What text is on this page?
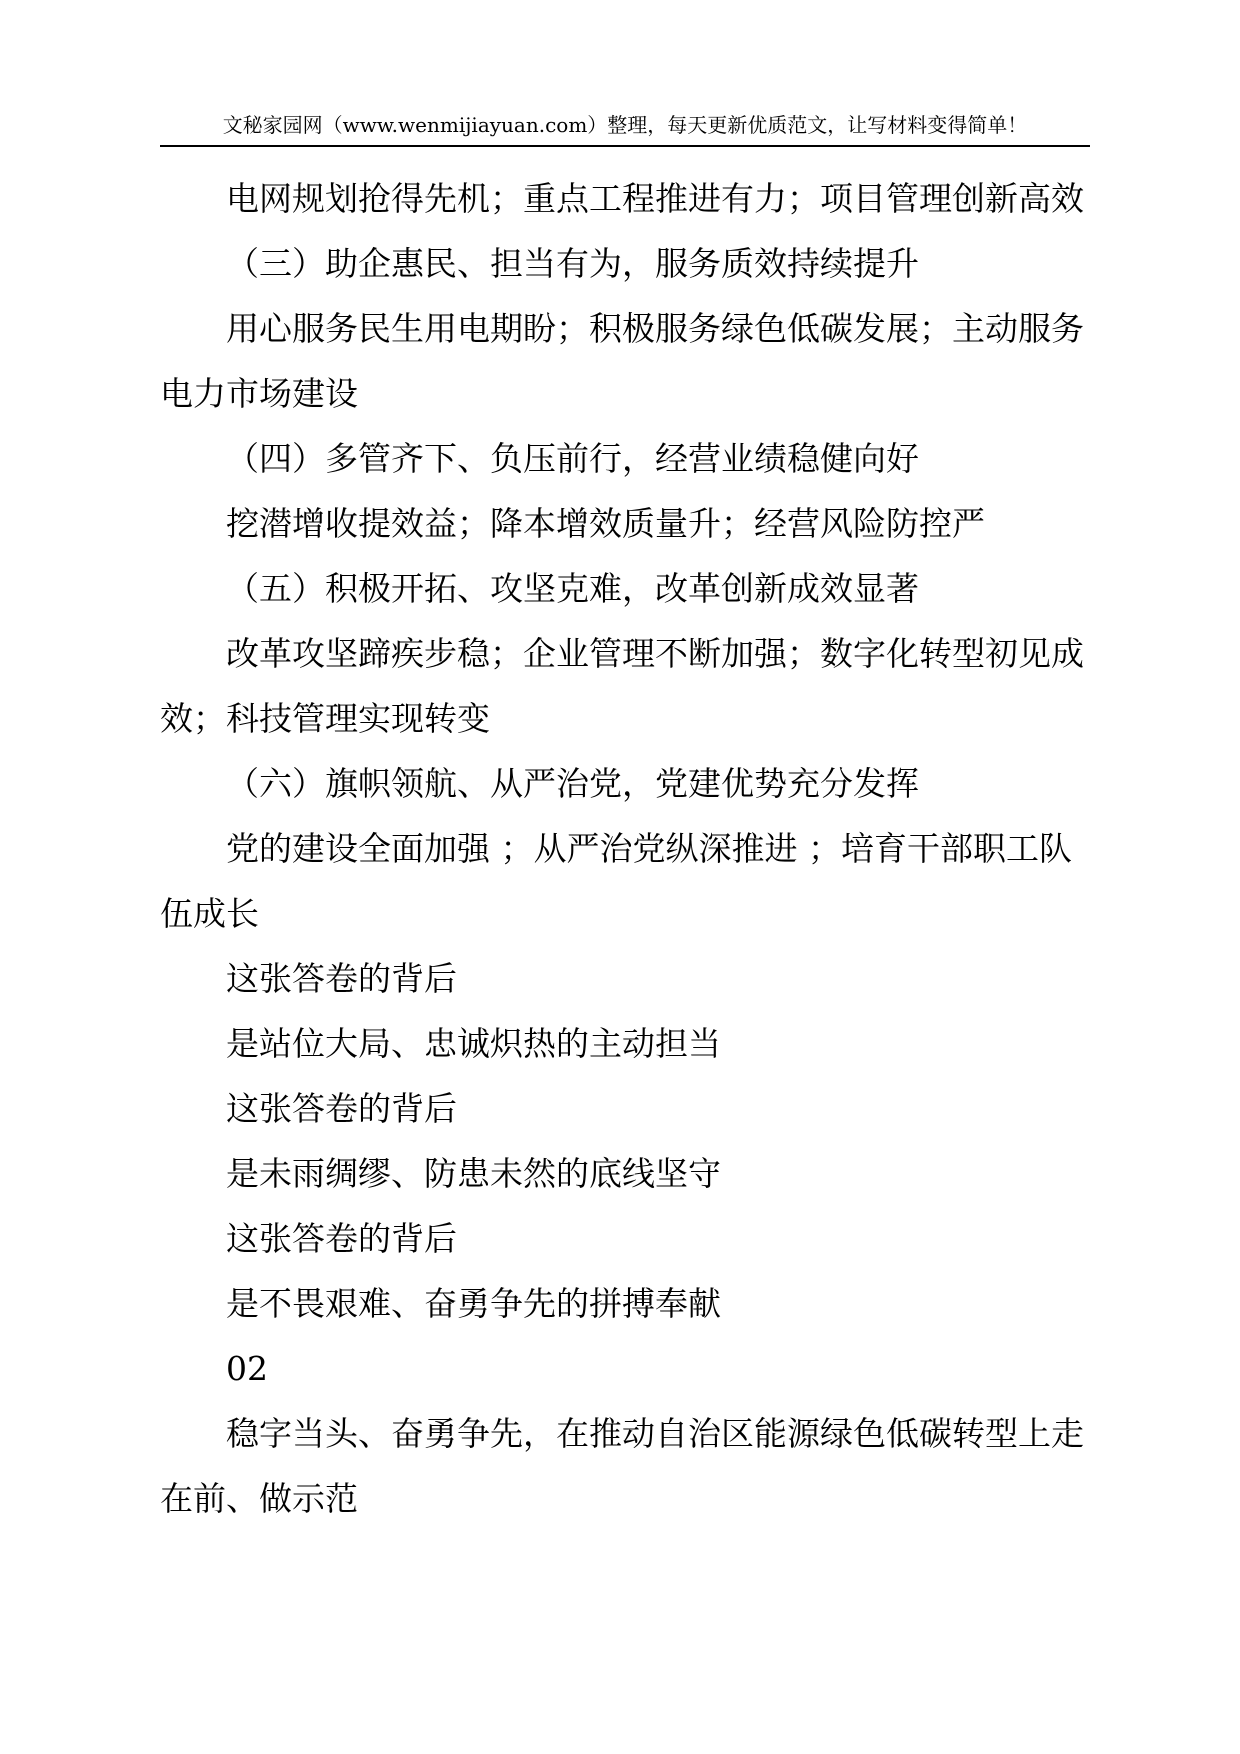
文秘家园网（www.wenmijiayuan.com）整理，每天更新优质范文，让写材料变得简单！

电网规划抢得先机；重点工程推进有力；项目管理创新高效

（三）助企惠民、担当有为，服务质效持续提升

用心服务民生用电期盼；积极服务绿色低碳发展；主动服务电力市场建设

（四）多管齐下、负压前行，经营业绩稳健向好

挖潜增收提效益；降本增效质量升；经营风险防控严

（五）积极开拓、攻坚克难，改革创新成效显著

改革攻坚蹄疾步稳；企业管理不断加强；数字化转型初见成效；科技管理实现转变

（六）旗帜领航、从严治党，党建优势充分发挥

党的建设全面加强 ；从严治党纵深推进 ；培育干部职工队伍成长

这张答卷的背后

是站位大局、忠诚炽热的主动担当

这张答卷的背后

是未雨绸缪、防患未然的底线坚守

这张答卷的背后

是不畏艰难、奋勇争先的拼搏奉献

02

稳字当头、奋勇争先，在推动自治区能源绿色低碳转型上走在前、做示范
